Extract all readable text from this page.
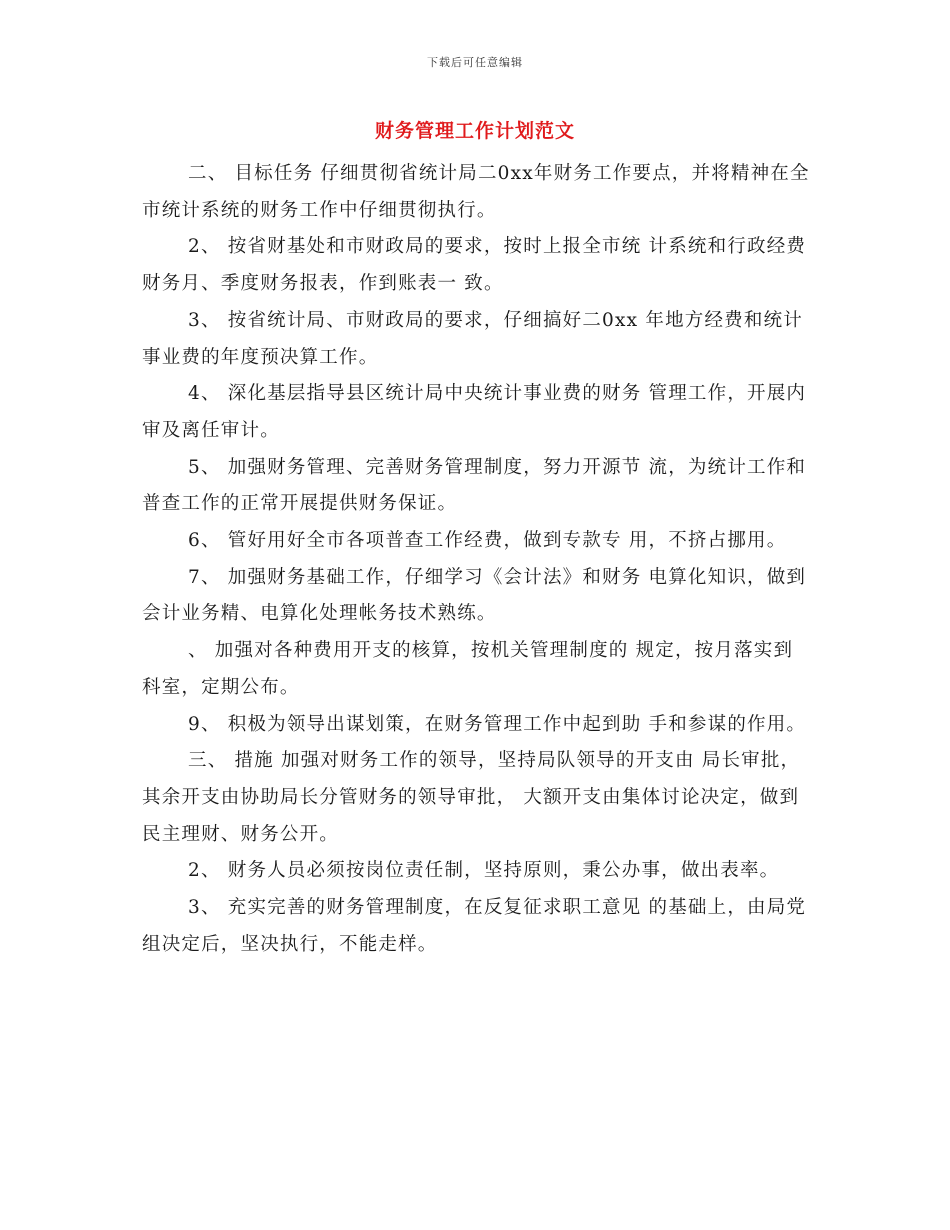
下载后可任意编辑
财务管理工作计划范文

二、 目标任务 仔细贯彻省统计局二0xx年财务工作要点，并将精神在全市统计系统的财务工作中仔细贯彻执行。

2、 按省财基处和市财政局的要求，按时上报全市统 计系统和行政经费财务月、季度财务报表，作到账表一 致。

3、 按省统计局、市财政局的要求，仔细搞好二0xx 年地方经费和统计事业费的年度预决算工作。

4、 深化基层指导县区统计局中央统计事业费的财务 管理工作，开展内审及离任审计。

5、 加强财务管理、完善财务管理制度，努力开源节 流，为统计工作和普查工作的正常开展提供财务保证。

6、 管好用好全市各项普查工作经费，做到专款专 用，不挤占挪用。

7、 加强财务基础工作，仔细学习《会计法》和财务 电算化知识，做到会计业务精、电算化处理帐务技术熟练。

、 加强对各种费用开支的核算，按机关管理制度的 规定，按月落实到科室，定期公布。

9、 积极为领导出谋划策，在财务管理工作中起到助 手和参谋的作用。

三、 措施 加强对财务工作的领导，坚持局队领导的开支由 局长审批，其余开支由协助局长分管财务的领导审批， 大额开支由集体讨论决定，做到民主理财、财务公开。

2、 财务人员必须按岗位责任制，坚持原则，秉公办事，做出表率。

3、 充实完善的财务管理制度，在反复征求职工意见 的基础上，由局党组决定后，坚决执行，不能走样。
